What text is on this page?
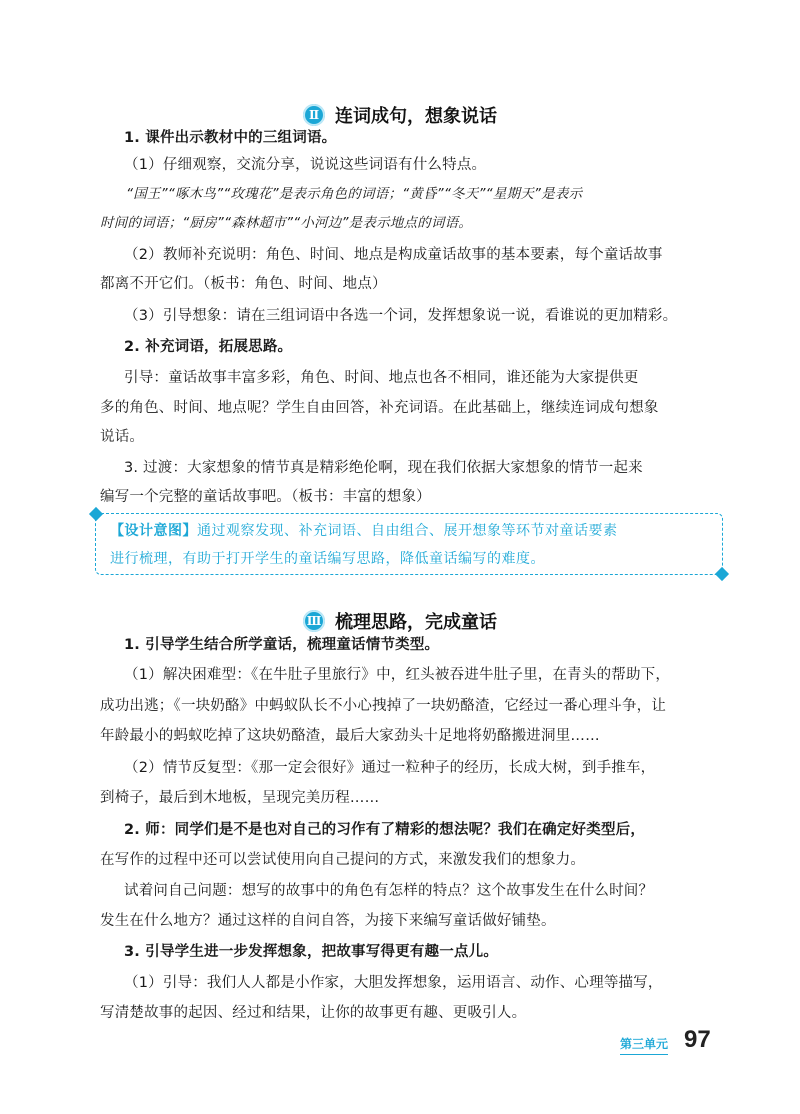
Ⅱ 连词成句，想象说话
1. 课件出示教材中的三组词语。
（1）仔细观察，交流分享，说说这些词语有什么特点。
“国王”“啄木鸟”“玫瑰花”是表示角色的词语；“黄昏”“冬天”“星期天”是表示
时间的词语；“厨房”“森林超市”“小河边”是表示地点的词语。
（2）教师补充说明：角色、时间、地点是构成童话故事的基本要素，每个童话故事
都离不开它们。（板书：角色、时间、地点）
（3）引导想象：请在三组词语中各选一个词，发挥想象说一说，看谁说的更加精彩。
2. 补充词语，拓展思路。
引导：童话故事丰富多彩，角色、时间、地点也各不相同，谁还能为大家提供更
多的角色、时间、地点呢？学生自由回答，补充词语。在此基础上，继续连词成句想象
说话。
3. 过渡：大家想象的情节真是精彩绝伦啊，现在我们依据大家想象的情节一起来
编写一个完整的童话故事吧。（板书：丰富的想象）
【设计意图】通过观察发现、补充词语、自由组合、展开想象等环节对童话要素
进行梳理，有助于打开学生的童话编写思路，降低童话编写的难度。
Ⅲ 梳理思路，完成童话
1. 引导学生结合所学童话，梳理童话情节类型。
（1）解决困难型：《在牛肚子里旅行》中，红头被吞进牛肚子里，在青头的帮助下，
成功出逃；《一块奶酪》中蚂蚁队长不小心拽掉了一块奶酪渣，它经过一番心理斗争，让
年龄最小的蚂蚁吃掉了这块奶酪渣，最后大家劲头十足地将奶酪搬进洞里……
（2）情节反复型：《那一定会很好》通过一粒种子的经历，长成大树，到手推车，
到椅子，最后到木地板，呈现完美历程……
2. 师：同学们是不是也对自己的习作有了精彩的想法呢？我们在确定好类型后，
在写作的过程中还可以尝试使用向自己提问的方式，来激发我们的想象力。
试着问自己问题：想写的故事中的角色有怎样的特点？这个故事发生在什么时间？
发生在什么地方？通过这样的自问自答，为接下来编写童话做好铺垫。
3. 引导学生进一步发挥想象，把故事写得更有趣一点儿。
（1）引导：我们人人都是小作家，大胆发挥想象，运用语言、动作、心理等描写，
写清楚故事的起因、经过和结果，让你的故事更有趣、更吸引人。
第三单元 97
